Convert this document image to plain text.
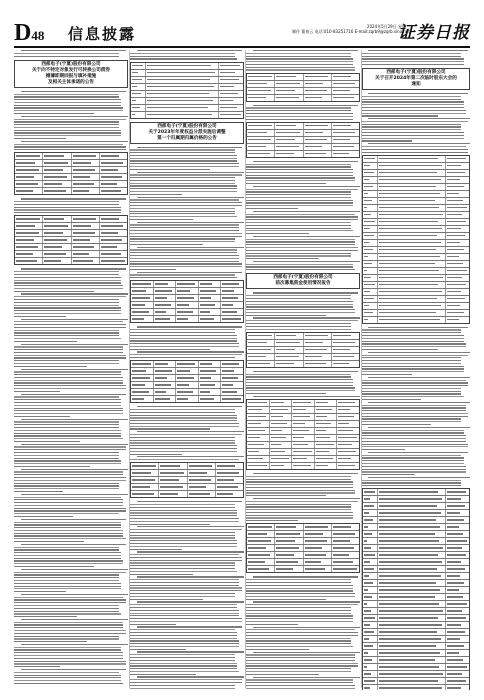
D48 信息披露	2024年5月29日 星期三
制作 董春云 电话:010-83251716 E-mail:zqrb9@zqrb.sina.net
证券日报
西部电子(宁夏)股份有限公司
关于向不特定对象发行可转换公司债券
摊薄即期回报与填补措施
及相关主体承诺的公告
西部电子(宁夏)股份有限公司
关于2023年年度权益分派实施后调整
第一个归属期归属价格的公告
西部电子(宁夏)股份有限公司
前次募集资金使用情况报告
西部电子(宁夏)股份有限公司
关于召开2024年第二次临时股东大会的
通知
